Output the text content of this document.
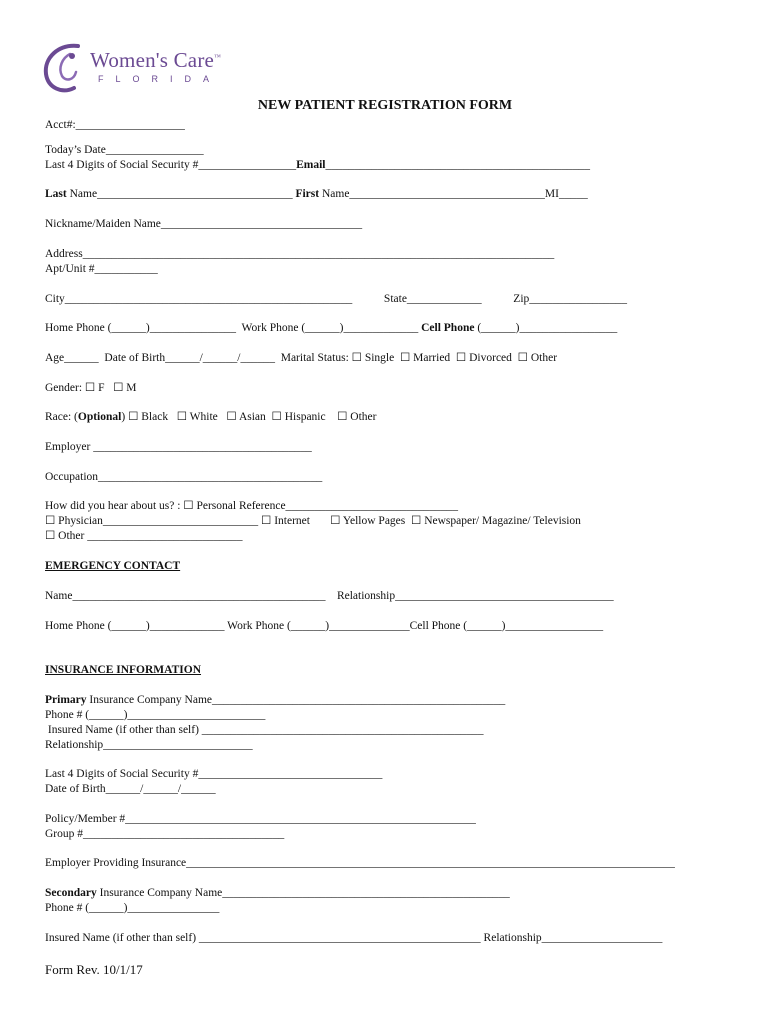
Women's Care™
FLORIDA
NEW PATIENT REGISTRATION FORM
Acct#:___________________
Today’s Date_________________
Last 4 Digits of Social Security #_________________Email______________________________________________
Last Name__________________________________ First Name__________________________________MI_____
Nickname/Maiden Name___________________________________
Address__________________________________________________________________________________
Apt/Unit #___________
City__________________________________________________           State_____________           Zip_________________
Home Phone (______)_______________  Work Phone (______)_____________ Cell Phone (______)_________________
Age______  Date of Birth______/______/______  Marital Status: ☐ Single  ☐ Married  ☐ Divorced  ☐ Other
Gender: ☐ F   ☐ M
Race: (Optional) ☐ Black   ☐ White   ☐ Asian  ☐ Hispanic    ☐ Other
Employer ______________________________________
Occupation_______________________________________
How did you hear about us? : ☐ Personal Reference______________________________
☐ Physician___________________________ ☐ Internet       ☐ Yellow Pages  ☐ Newspaper/ Magazine/ Television
☐ Other ___________________________
EMERGENCY CONTACT
Name____________________________________________    Relationship______________________________________
Home Phone (______)_____________ Work Phone (______)______________Cell Phone (______)_________________
INSURANCE INFORMATION
Primary Insurance Company Name___________________________________________________
Phone # (______)________________________
Insured Name (if other than self) _________________________________________________
Relationship__________________________
Last 4 Digits of Social Security #________________________________
Date of Birth______/______/______
Policy/Member #_____________________________________________________________
Group #___________________________________
Employer Providing Insurance_____________________________________________________________________________________
Secondary Insurance Company Name__________________________________________________
Phone # (______)________________
Insured Name (if other than self) _________________________________________________ Relationship_____________________
Form Rev. 10/1/17
